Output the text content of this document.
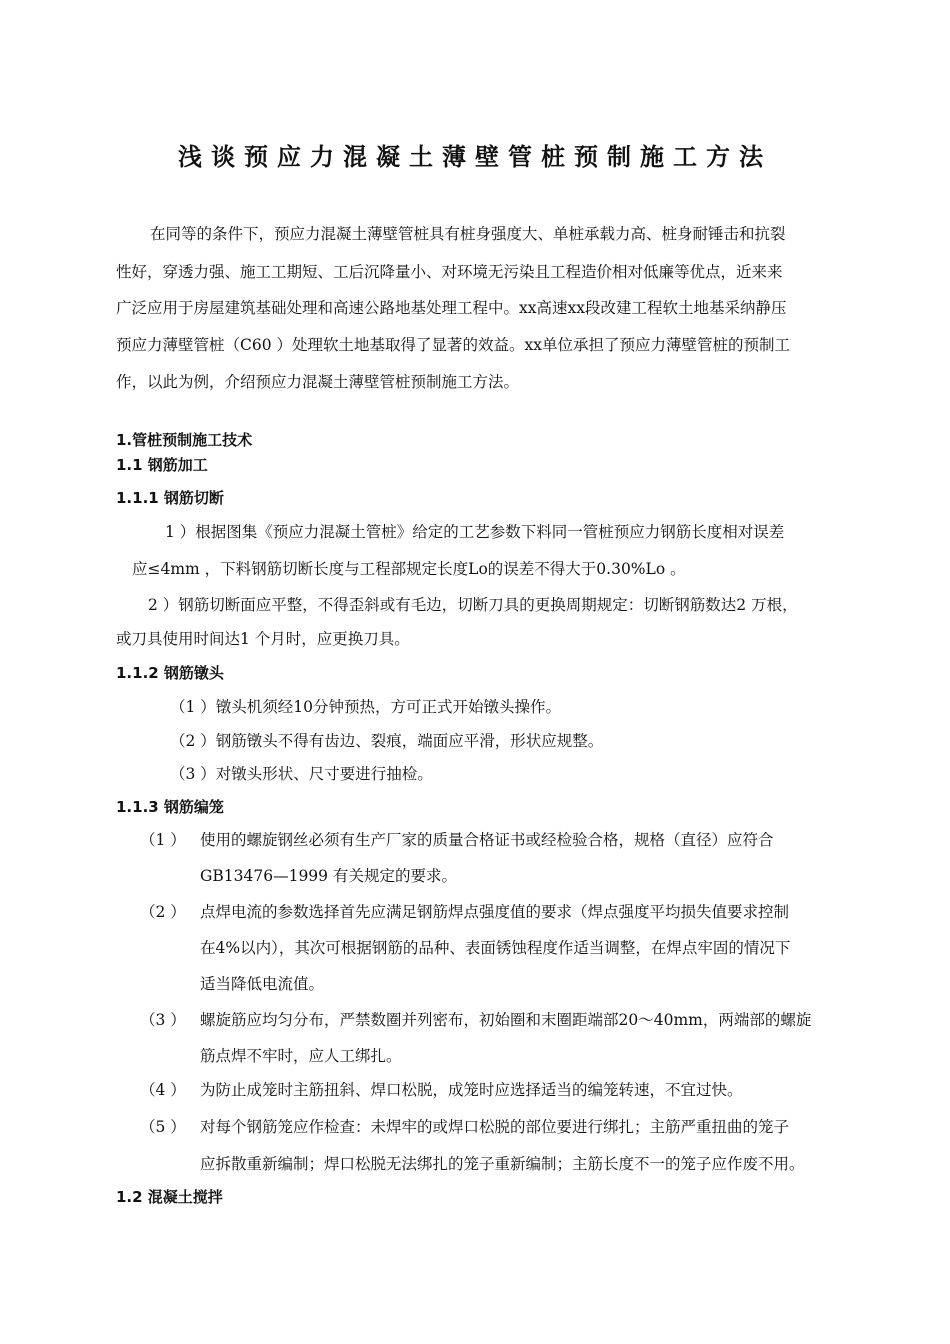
浅谈预应力混凝土薄壁管桩预制施工方法
在同等的条件下，预应力混凝土薄壁管桩具有桩身强度大、单桩承载力高、桩身耐锤击和抗裂
性好，穿透力强、施工工期短、工后沉降量小、对环境无污染且工程造价相对低廉等优点，近来来
广泛应用于房屋建筑基础处理和高速公路地基处理工程中。xx高速xx段改建工程软土地基采纳静压
预应力薄壁管桩（C60 ）处理软土地基取得了显著的效益。xx单位承担了预应力薄壁管桩的预制工
作，以此为例，介绍预应力混凝土薄壁管桩预制施工方法。
1.管桩预制施工技术
1.1 钢筋加工
1.1.1 钢筋切断
1 ）根据图集《预应力混凝土管桩》给定的工艺参数下料同一管桩预应力钢筋长度相对误差
应≤4mm ，下料钢筋切断长度与工程部规定长度Lo的误差不得大于0.30%Lo 。
2 ）钢筋切断面应平整，不得歪斜或有毛边，切断刀具的更换周期规定：切断钢筋数达2 万根，
或刀具使用时间达1 个月时，应更换刀具。
1.1.2 钢筋镦头
（1 ）镦头机须经10分钟预热，方可正式开始镦头操作。
（2 ）钢筋镦头不得有齿边、裂痕，端面应平滑，形状应规整。
（3 ）对镦头形状、尺寸要进行抽检。
1.1.3 钢筋编笼
（1 ） 使用的螺旋钢丝必须有生产厂家的质量合格证书或经检验合格，规格（直径）应符合
GB13476—1999 有关规定的要求。
（2 ） 点焊电流的参数选择首先应满足钢筋焊点强度值的要求（焊点强度平均损失值要求控制
在4%以内），其次可根据钢筋的品种、表面锈蚀程度作适当调整，在焊点牢固的情况下
适当降低电流值。
（3 ） 螺旋筋应均匀分布，严禁数圈并列密布，初始圈和末圈距端部20～40mm，两端部的螺旋
筋点焊不牢时，应人工绑扎。
（4 ） 为防止成笼时主筋扭斜、焊口松脱，成笼时应选择适当的编笼转速，不宜过快。
（5 ） 对每个钢筋笼应作检查：未焊牢的或焊口松脱的部位要进行绑扎；主筋严重扭曲的笼子
应拆散重新编制；焊口松脱无法绑扎的笼子重新编制；主筋长度不一的笼子应作废不用。
1.2 混凝土搅拌
